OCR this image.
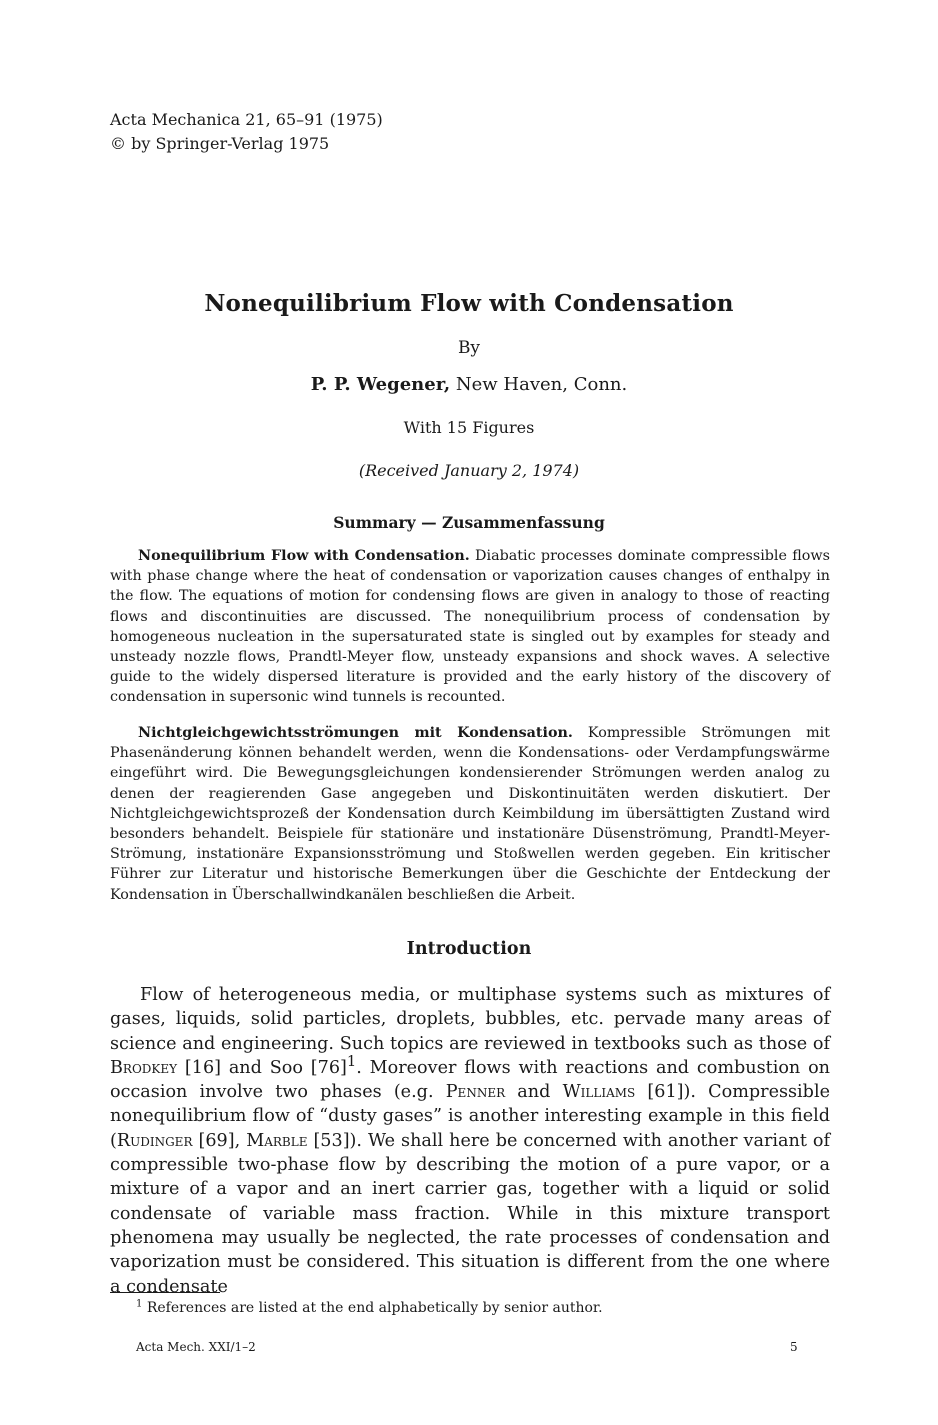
Acta Mechanica 21, 65–91 (1975)
© by Springer-Verlag 1975
Nonequilibrium Flow with Condensation
By
P. P. Wegener, New Haven, Conn.
With 15 Figures
(Received January 2, 1974)
Summary — Zusammenfassung

Nonequilibrium Flow with Condensation. Diabatic processes dominate compressible flows with phase change where the heat of condensation or vaporization causes changes of enthalpy in the flow. The equations of motion for condensing flows are given in analogy to those of reacting flows and discontinuities are discussed. The nonequilibrium process of condensation by homogeneous nucleation in the supersaturated state is singled out by examples for steady and unsteady nozzle flows, Prandtl-Meyer flow, unsteady expansions and shock waves. A selective guide to the widely dispersed literature is provided and the early history of the discovery of condensation in supersonic wind tunnels is recounted.

Nichtgleichgewichtsströmungen mit Kondensation. Kompressible Strömungen mit Phasenänderung können behandelt werden, wenn die Kondensations- oder Verdampfungswärme eingeführt wird. Die Bewegungsgleichungen kondensierender Strömungen werden analog zu denen der reagierenden Gase angegeben und Diskontinuitäten werden diskutiert. Der Nichtgleichgewichtsprozeß der Kondensation durch Keimbildung im übersättigten Zustand wird besonders behandelt. Beispiele für stationäre und instationäre Düsenströmung, Prandtl-Meyer-Strömung, instationäre Expansionsströmung und Stoßwellen werden gegeben. Ein kritischer Führer zur Literatur und historische Bemerkungen über die Geschichte der Entdeckung der Kondensation in Überschallwindkanälen beschließen die Arbeit.

Introduction

Flow of heterogeneous media, or multiphase systems such as mixtures of gases, liquids, solid particles, droplets, bubbles, etc. pervade many areas of science and engineering. Such topics are reviewed in textbooks such as those of Brodkey [16] and Soo $[76]^1$. Moreover flows with reactions and combustion on occasion involve two phases (e.g. Penner and Williams [61]). Compressible nonequilibrium flow of “dusty gases” is another interesting example in this field (Rudinger [69], Marble [53]). We shall here be concerned with another variant of compressible two-phase flow by describing the motion of a pure vapor, or a mixture of a vapor and an inert carrier gas, together with a liquid or solid condensate of variable mass fraction. While in this mixture transport phenomena may usually be neglected, the rate processes of condensation and vaporization must be considered. This situation is different from the one where a condensate

$^1$ References are listed at the end alphabetically by senior author.
Acta Mech. XXI/1–2	5
